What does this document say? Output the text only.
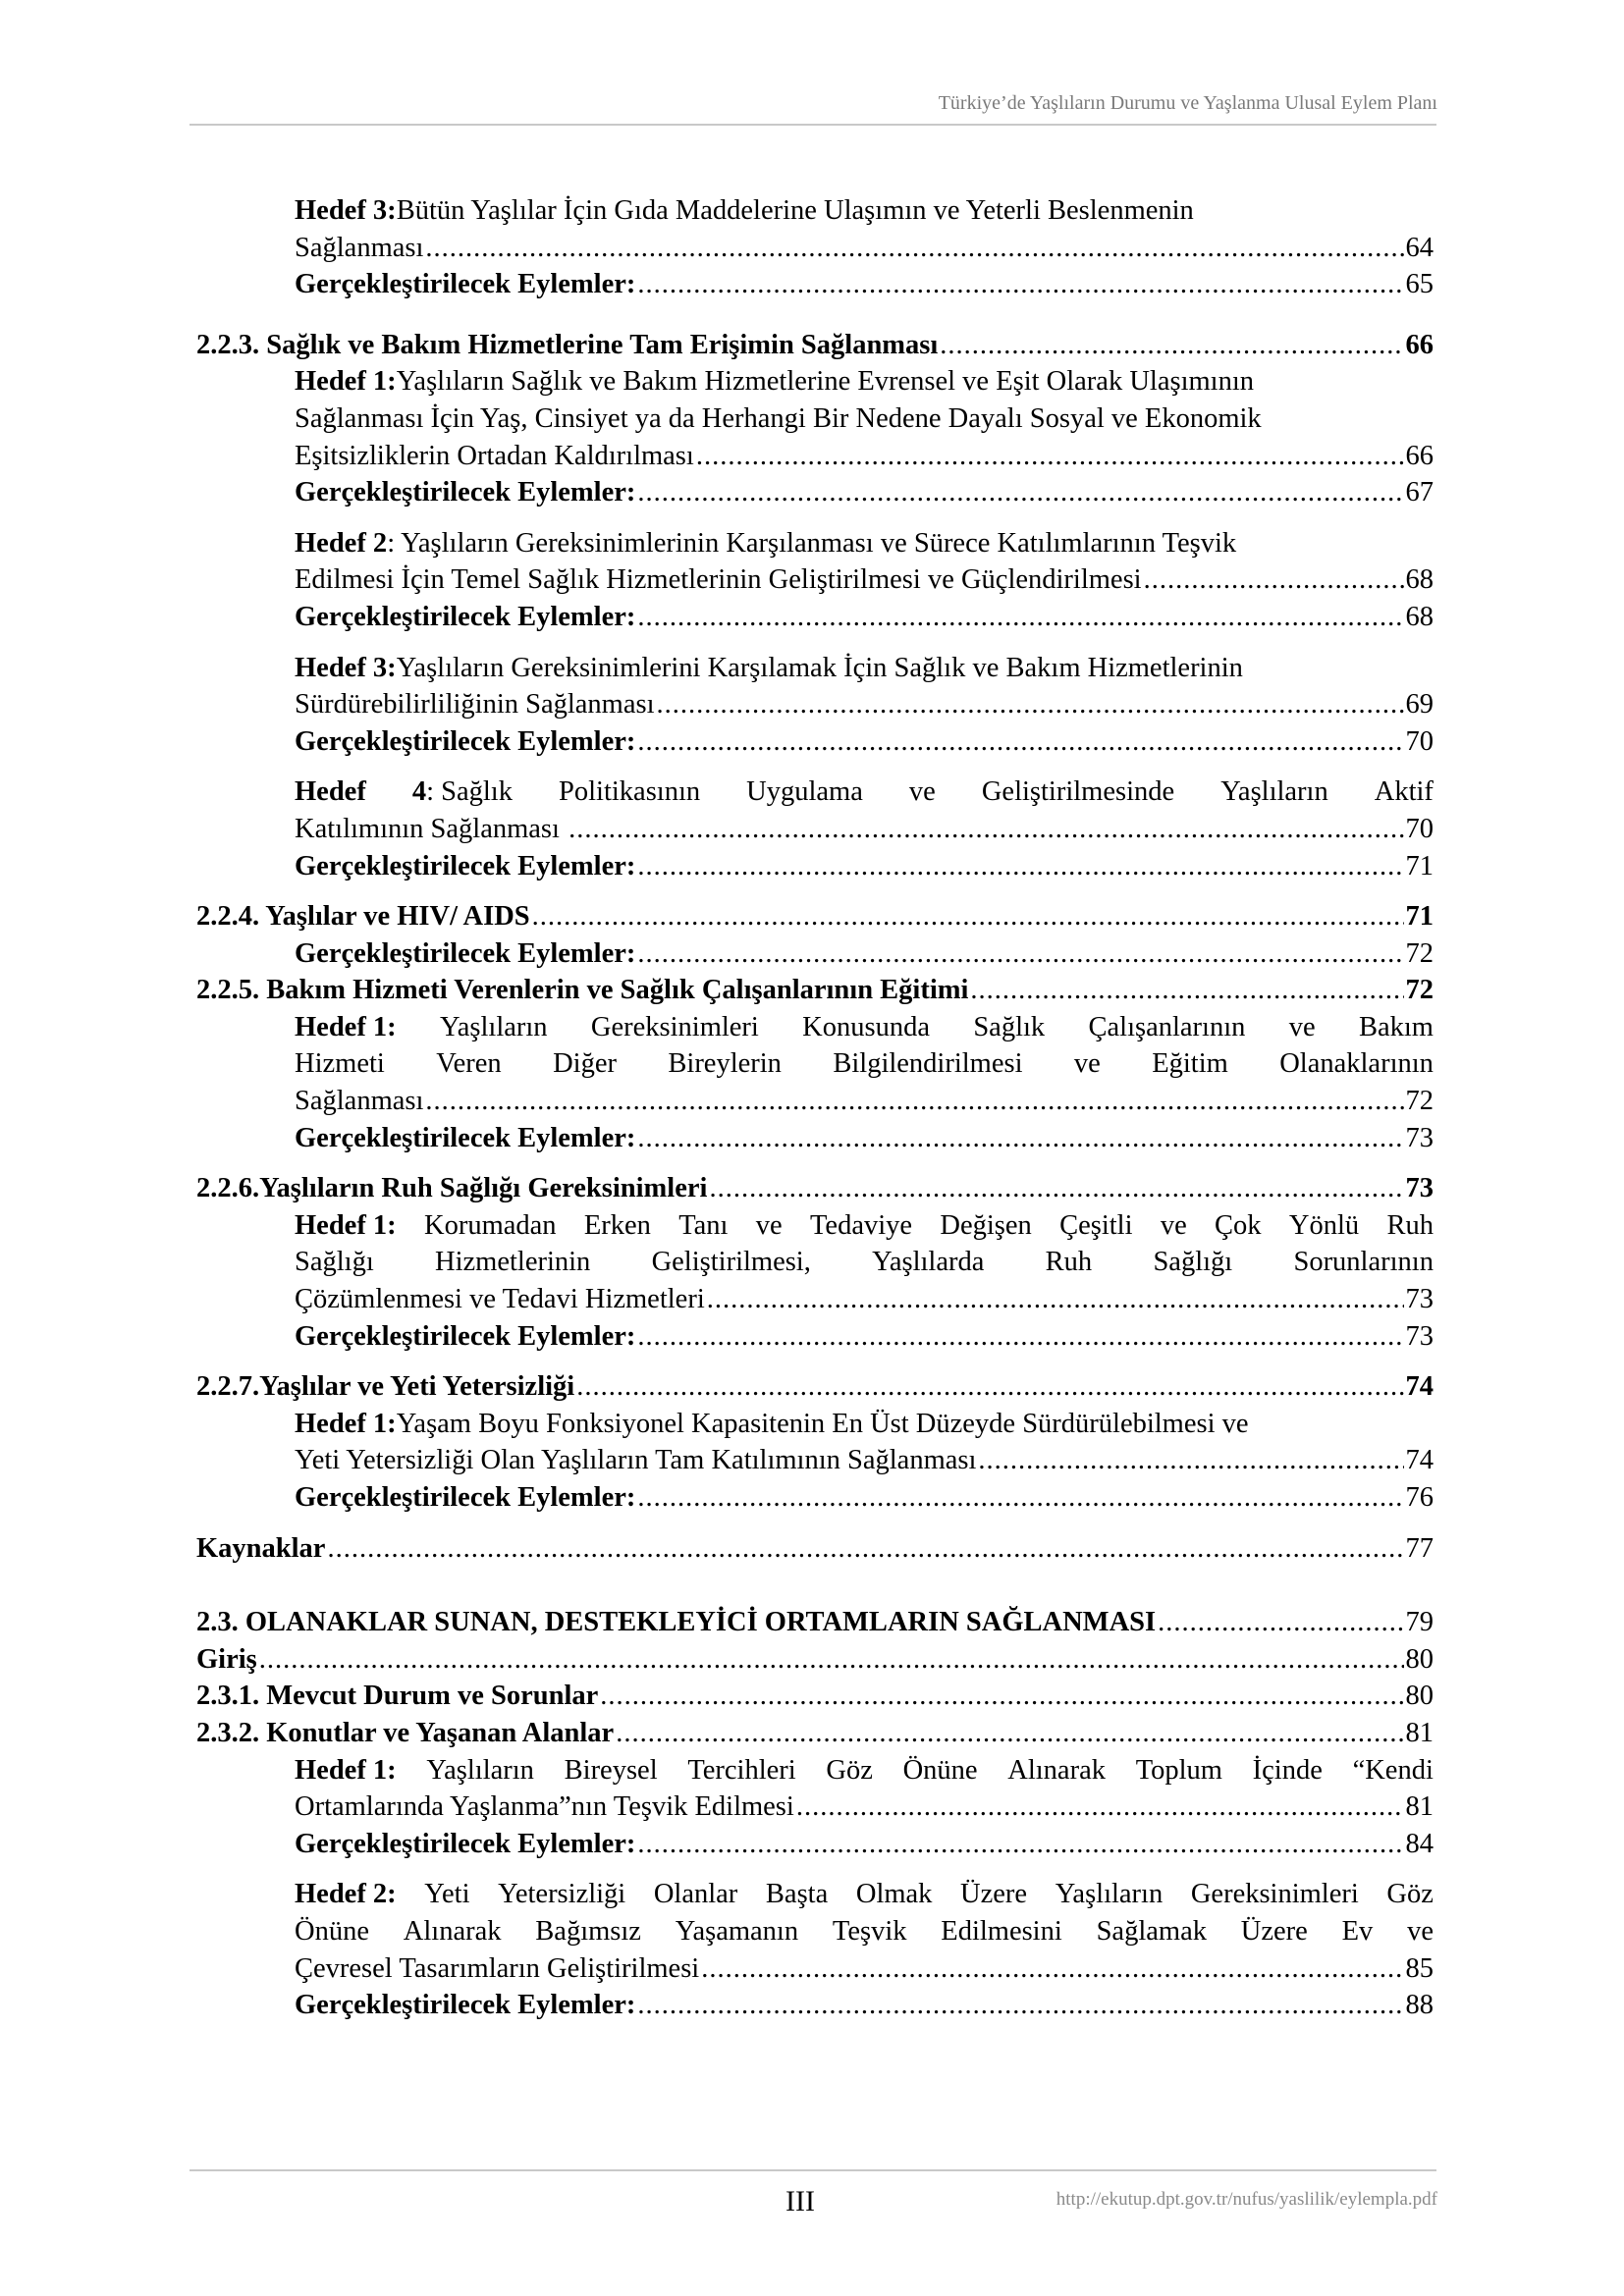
Türkiye’de Yaşlıların Durumu ve Yaşlanma Ulusal Eylem Planı
Hedef 3: Bütün Yaşlılar İçin Gıda Maddelerine Ulaşımın ve Yeterli Beslenmenin
Sağlanması .....	64
Gerçekleştirilecek Eylemler: .....	65
2.2.3. Sağlık ve Bakım Hizmetlerine Tam Erişimin Sağlanması .....	66
Hedef 1: Yaşlıların Sağlık ve Bakım Hizmetlerine Evrensel ve Eşit Olarak Ulaşımının
Sağlanması İçin Yaş, Cinsiyet ya da Herhangi Bir Nedene Dayalı Sosyal ve Ekonomik
Eşitsizliklerin Ortadan Kaldırılması .....	66
Gerçekleştirilecek Eylemler: .....	67
Hedef 2 : Yaşlıların Gereksinimlerinin Karşılanması ve Sürece Katılımlarının Teşvik
Edilmesi İçin Temel Sağlık Hizmetlerinin Geliştirilmesi ve Güçlendirilmesi .....	68
Gerçekleştirilecek Eylemler: .....	68
Hedef 3: Yaşlıların Gereksinimlerini Karşılamak İçin Sağlık ve Bakım Hizmetlerinin
Sürdürebilirliliğinin Sağlanması .....	69
Gerçekleştirilecek Eylemler: .....	70
Hedef 4: Sağlık Politikasının Uygulama ve Geliştirilmesinde Yaşlıların Aktif
Katılımının Sağlanması .....	70
Gerçekleştirilecek Eylemler: .....	71
2.2.4. Yaşlılar ve HIV/ AIDS .....	71
Gerçekleştirilecek Eylemler: .....	72
2.2.5. Bakım Hizmeti Verenlerin ve Sağlık Çalışanlarının Eğitimi .....	72
Hedef 1: Yaşlıların Gereksinimleri Konusunda Sağlık Çalışanlarının ve Bakım
Hizmeti Veren Diğer Bireylerin Bilgilendirilmesi ve Eğitim Olanaklarının
Sağlanması .....	72
Gerçekleştirilecek Eylemler: .....	73
2.2.6. Yaşlıların Ruh Sağlığı Gereksinimleri .....	73
Hedef 1: Korumadan Erken Tanı ve Tedaviye Değişen Çeşitli ve Çok Yönlü Ruh
Sağlığı Hizmetlerinin Geliştirilmesi, Yaşlılarda Ruh Sağlığı Sorunlarının
Çözümlenmesi ve Tedavi Hizmetleri .....	73
Gerçekleştirilecek Eylemler: .....	73
2.2.7. Yaşlılar ve Yeti Yetersizliği .....	74
Hedef 1: Yaşam Boyu Fonksiyonel Kapasitenin En Üst Düzeyde Sürdürülebilmesi ve
Yeti Yetersizliği Olan Yaşlıların Tam Katılımının Sağlanması .....	74
Gerçekleştirilecek Eylemler: .....	76
Kaynaklar .....	77
2.3. OLANAKLAR SUNAN, DESTEKLEYİCİ ORTAMLARIN SAĞLANMASI .....	79
Giriş .....	80
2.3.1. Mevcut Durum ve Sorunlar .....	80
2.3.2. Konutlar ve Yaşanan Alanlar .....	81
Hedef 1: Yaşlıların Bireysel Tercihleri Göz Önüne Alınarak Toplum İçinde “Kendi
Ortamlarında Yaşlanma”nın Teşvik Edilmesi .....	81
Gerçekleştirilecek Eylemler: .....	84
Hedef 2: Yeti Yetersizliği Olanlar Başta Olmak Üzere Yaşlıların Gereksinimleri Göz
Önüne Alınarak Bağımsız Yaşamanın Teşvik Edilmesini Sağlamak Üzere Ev ve
Çevresel Tasarımların Geliştirilmesi .....	85
Gerçekleştirilecek Eylemler: .....	88
III	http://ekutup.dpt.gov.tr/nufus/yaslilik/eylempla.pdf
